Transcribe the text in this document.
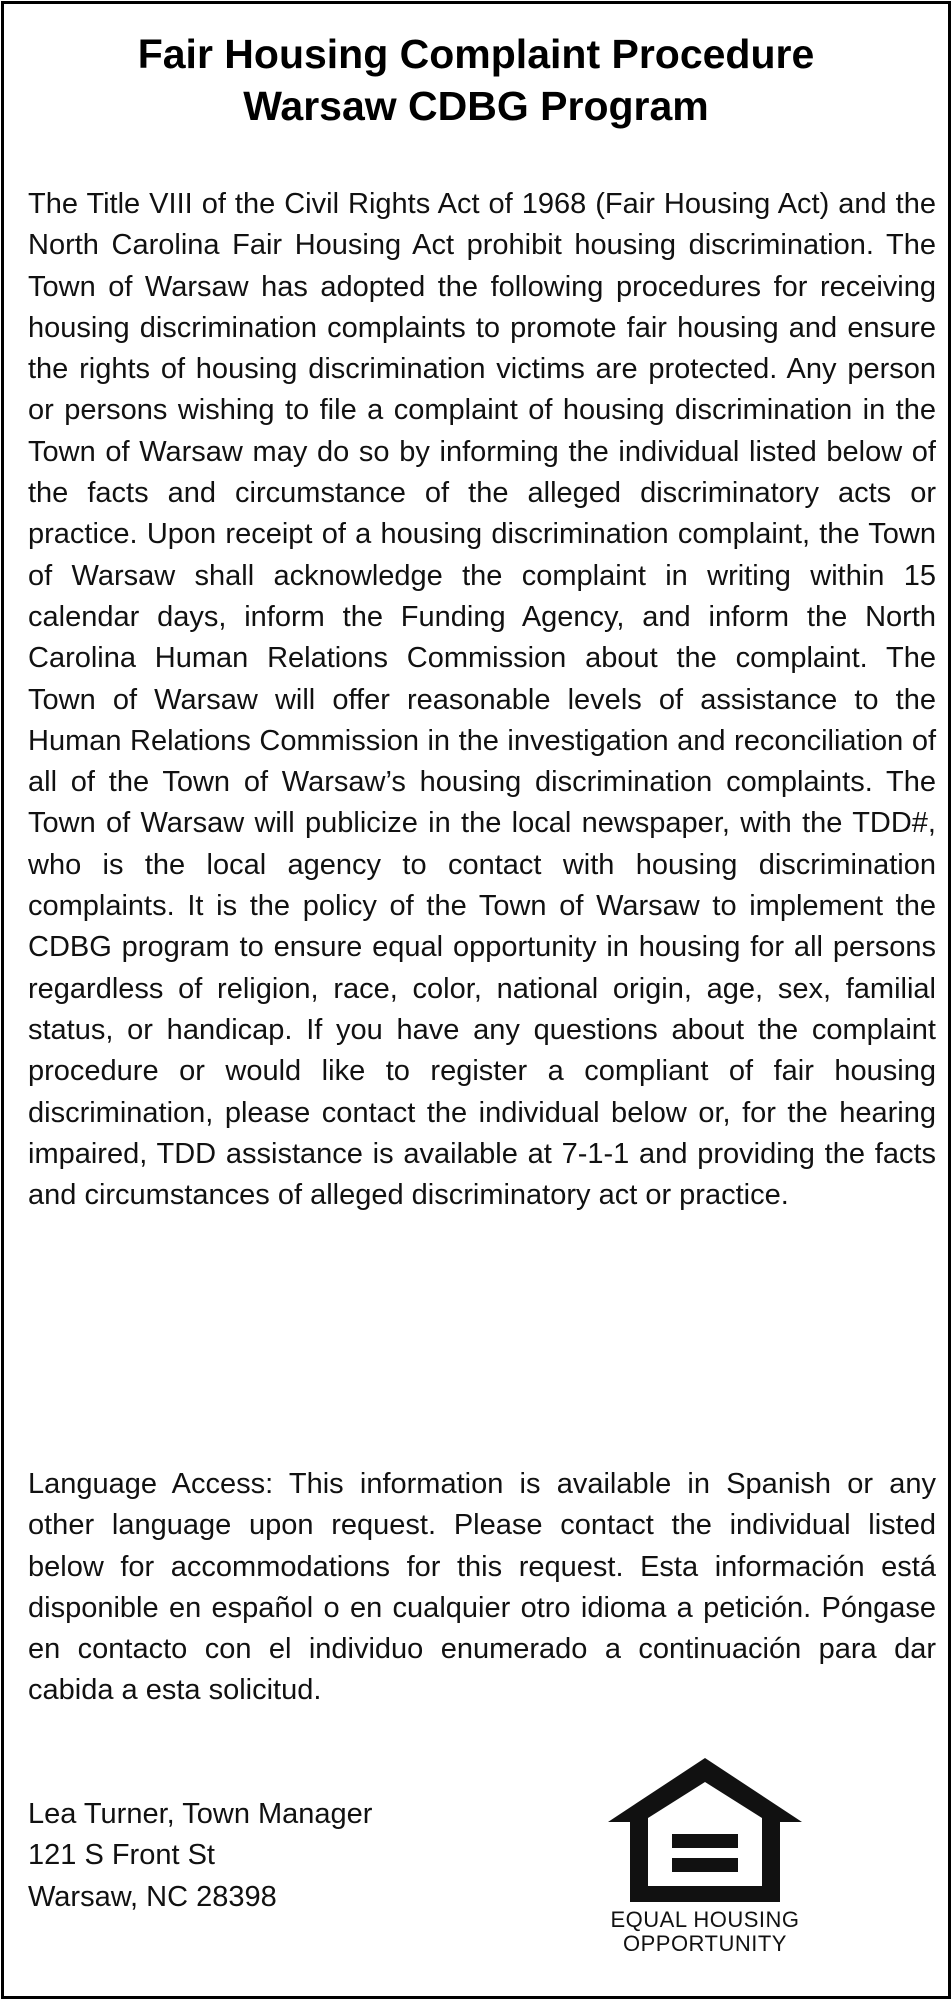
Fair Housing Complaint Procedure
Warsaw CDBG Program
The Title VIII of the Civil Rights Act of 1968 (Fair Housing Act) and the North Carolina Fair Housing Act prohibit housing discrimination. The Town of Warsaw has adopted the following procedures for receiving housing discrimination complaints to promote fair housing and ensure the rights of housing discrimination victims are protected. Any person or persons wishing to file a complaint of housing discrimination in the Town of Warsaw may do so by informing the individual listed below of the facts and circumstance of the alleged discriminatory acts or practice. Upon receipt of a housing discrimination complaint, the Town of Warsaw shall acknowledge the complaint in writing within 15 calendar days, inform the Funding Agency, and inform the North Carolina Human Relations Commission about the complaint. The Town of Warsaw will offer reasonable levels of assistance to the Human Relations Commission in the investigation and reconciliation of all of the Town of Warsaw’s housing discrimination complaints. The Town of Warsaw will publicize in the local newspaper, with the TDD#, who is the local agency to contact with housing discrimination complaints. It is the policy of the Town of Warsaw to implement the CDBG program to ensure equal opportunity in housing for all persons regardless of religion, race, color, national origin, age, sex, familial status, or handicap. If you have any questions about the complaint procedure or would like to register a compliant of fair housing discrimination, please contact the individual below or, for the hearing impaired, TDD assistance is available at 7-1-1 and providing the facts and circumstances of alleged discriminatory act or practice.
Language Access: This information is available in Spanish or any other language upon request. Please contact the individual listed below for accommodations for this request. Esta información está disponible en español o en cualquier otro idioma a petición. Póngase en contacto con el individuo enumerado a continuación para dar cabida a esta solicitud.
Lea Turner, Town Manager
121 S Front St
Warsaw, NC 28398
EQUAL HOUSING
OPPORTUNITY
